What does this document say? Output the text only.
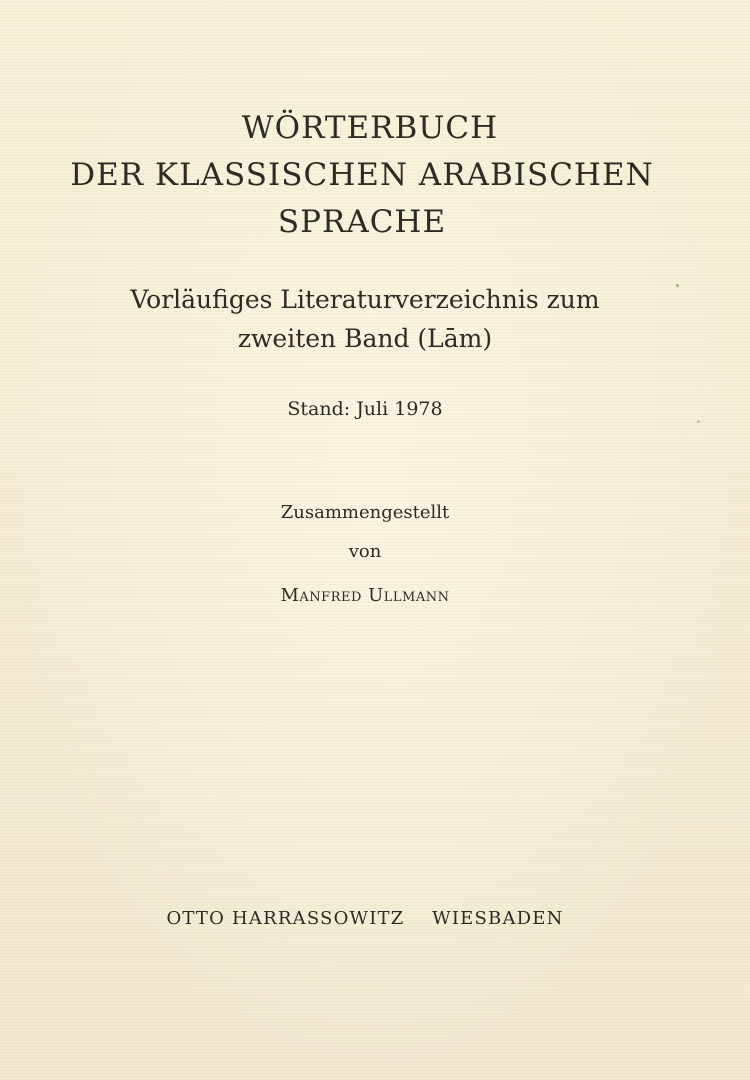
WÖRTERBUCH
DER KLASSISCHEN ARABISCHEN
SPRACHE
Vorläufiges Literaturverzeichnis zum
zweiten Band (Lām)
Stand: Juli 1978
Zusammengestellt
von
Manfred Ullmann
OTTO HARRASSOWITZ    WIESBADEN
